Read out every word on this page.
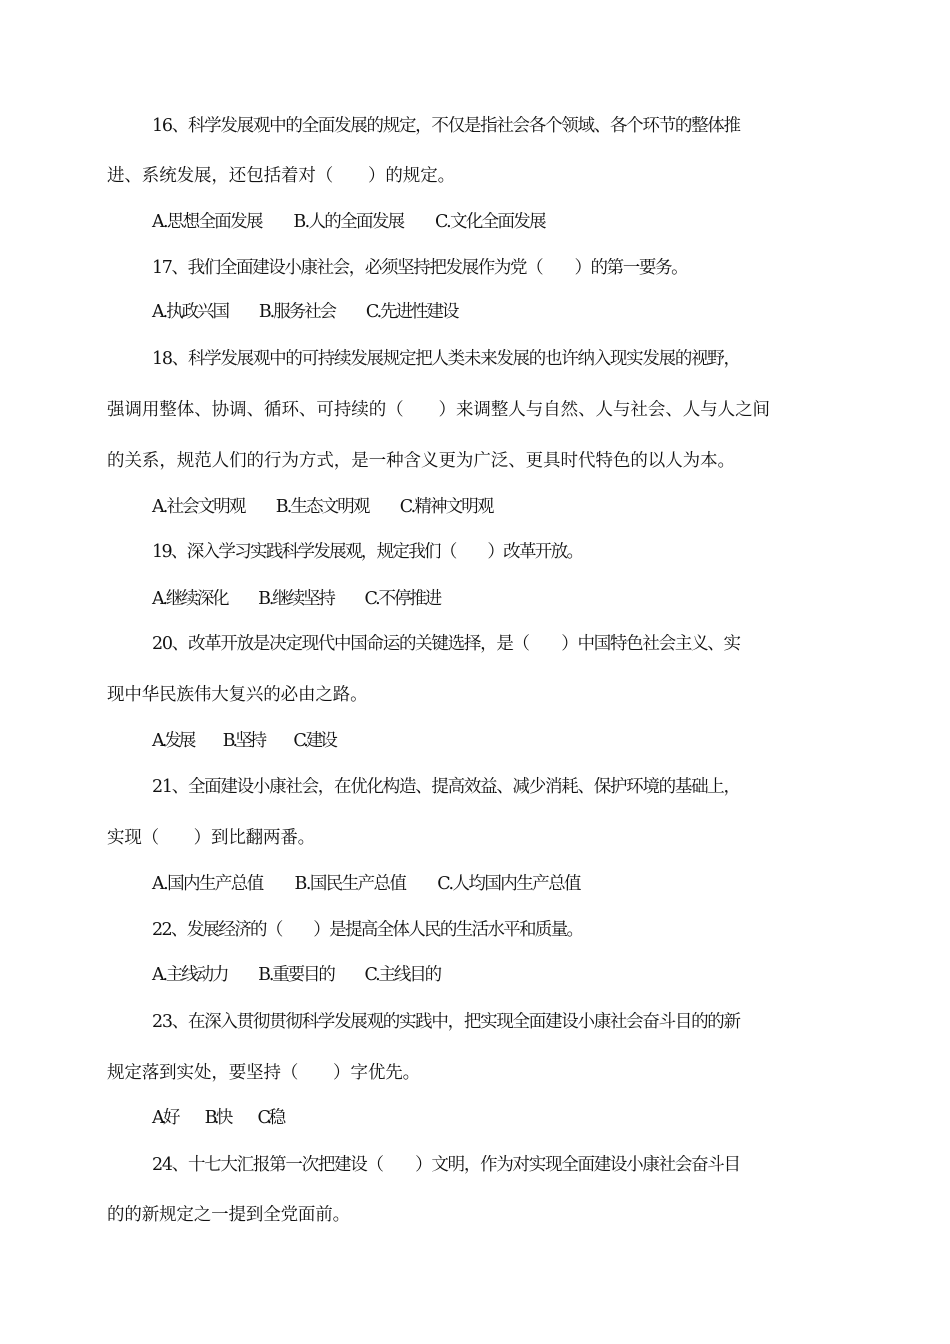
16、科学发展观中的全面发展的规定，不仅是指社会各个领域、各个环节的整体推
进、系统发展，还包括着对（　　）的规定。
A.思想全面发展　　B.人的全面发展　　C.文化全面发展
17、我们全面建设小康社会，必须坚持把发展作为党（　　）的第一要务。
A.执政兴国　　B.服务社会　　C.先进性建设
18、科学发展观中的可持续发展规定把人类未来发展的也许纳入现实发展的视野，
强调用整体、协调、循环、可持续的（　　）来调整人与自然、人与社会、人与人之间
的关系，规范人们的行为方式，是一种含义更为广泛、更具时代特色的以人为本。
A.社会文明观　　B.生态文明观　　C.精神文明观
19、深入学习实践科学发展观，规定我们（　　）改革开放。
A.继续深化　　B.继续坚持　　C.不停推进
20、改革开放是决定现代中国命运的关键选择，是（　　）中国特色社会主义、实
现中华民族伟大复兴的必由之路。
A.发展　　B.坚持　　C.建设
21、全面建设小康社会，在优化构造、提高效益、减少消耗、保护环境的基础上，
实现（　　）到比翻两番。
A.国内生产总值　　B.国民生产总值　　C.人均国内生产总值
22、发展经济的（　　）是提高全体人民的生活水平和质量。
A.主线动力　　B.重要目的　　C.主线目的
23、在深入贯彻贯彻科学发展观的实践中，把实现全面建设小康社会奋斗目的的新
规定落到实处，要坚持（　　）字优先。
A.好　　B.快　　C.稳
24、十七大汇报第一次把建设（　　）文明，作为对实现全面建设小康社会奋斗目
的的新规定之一提到全党面前。
